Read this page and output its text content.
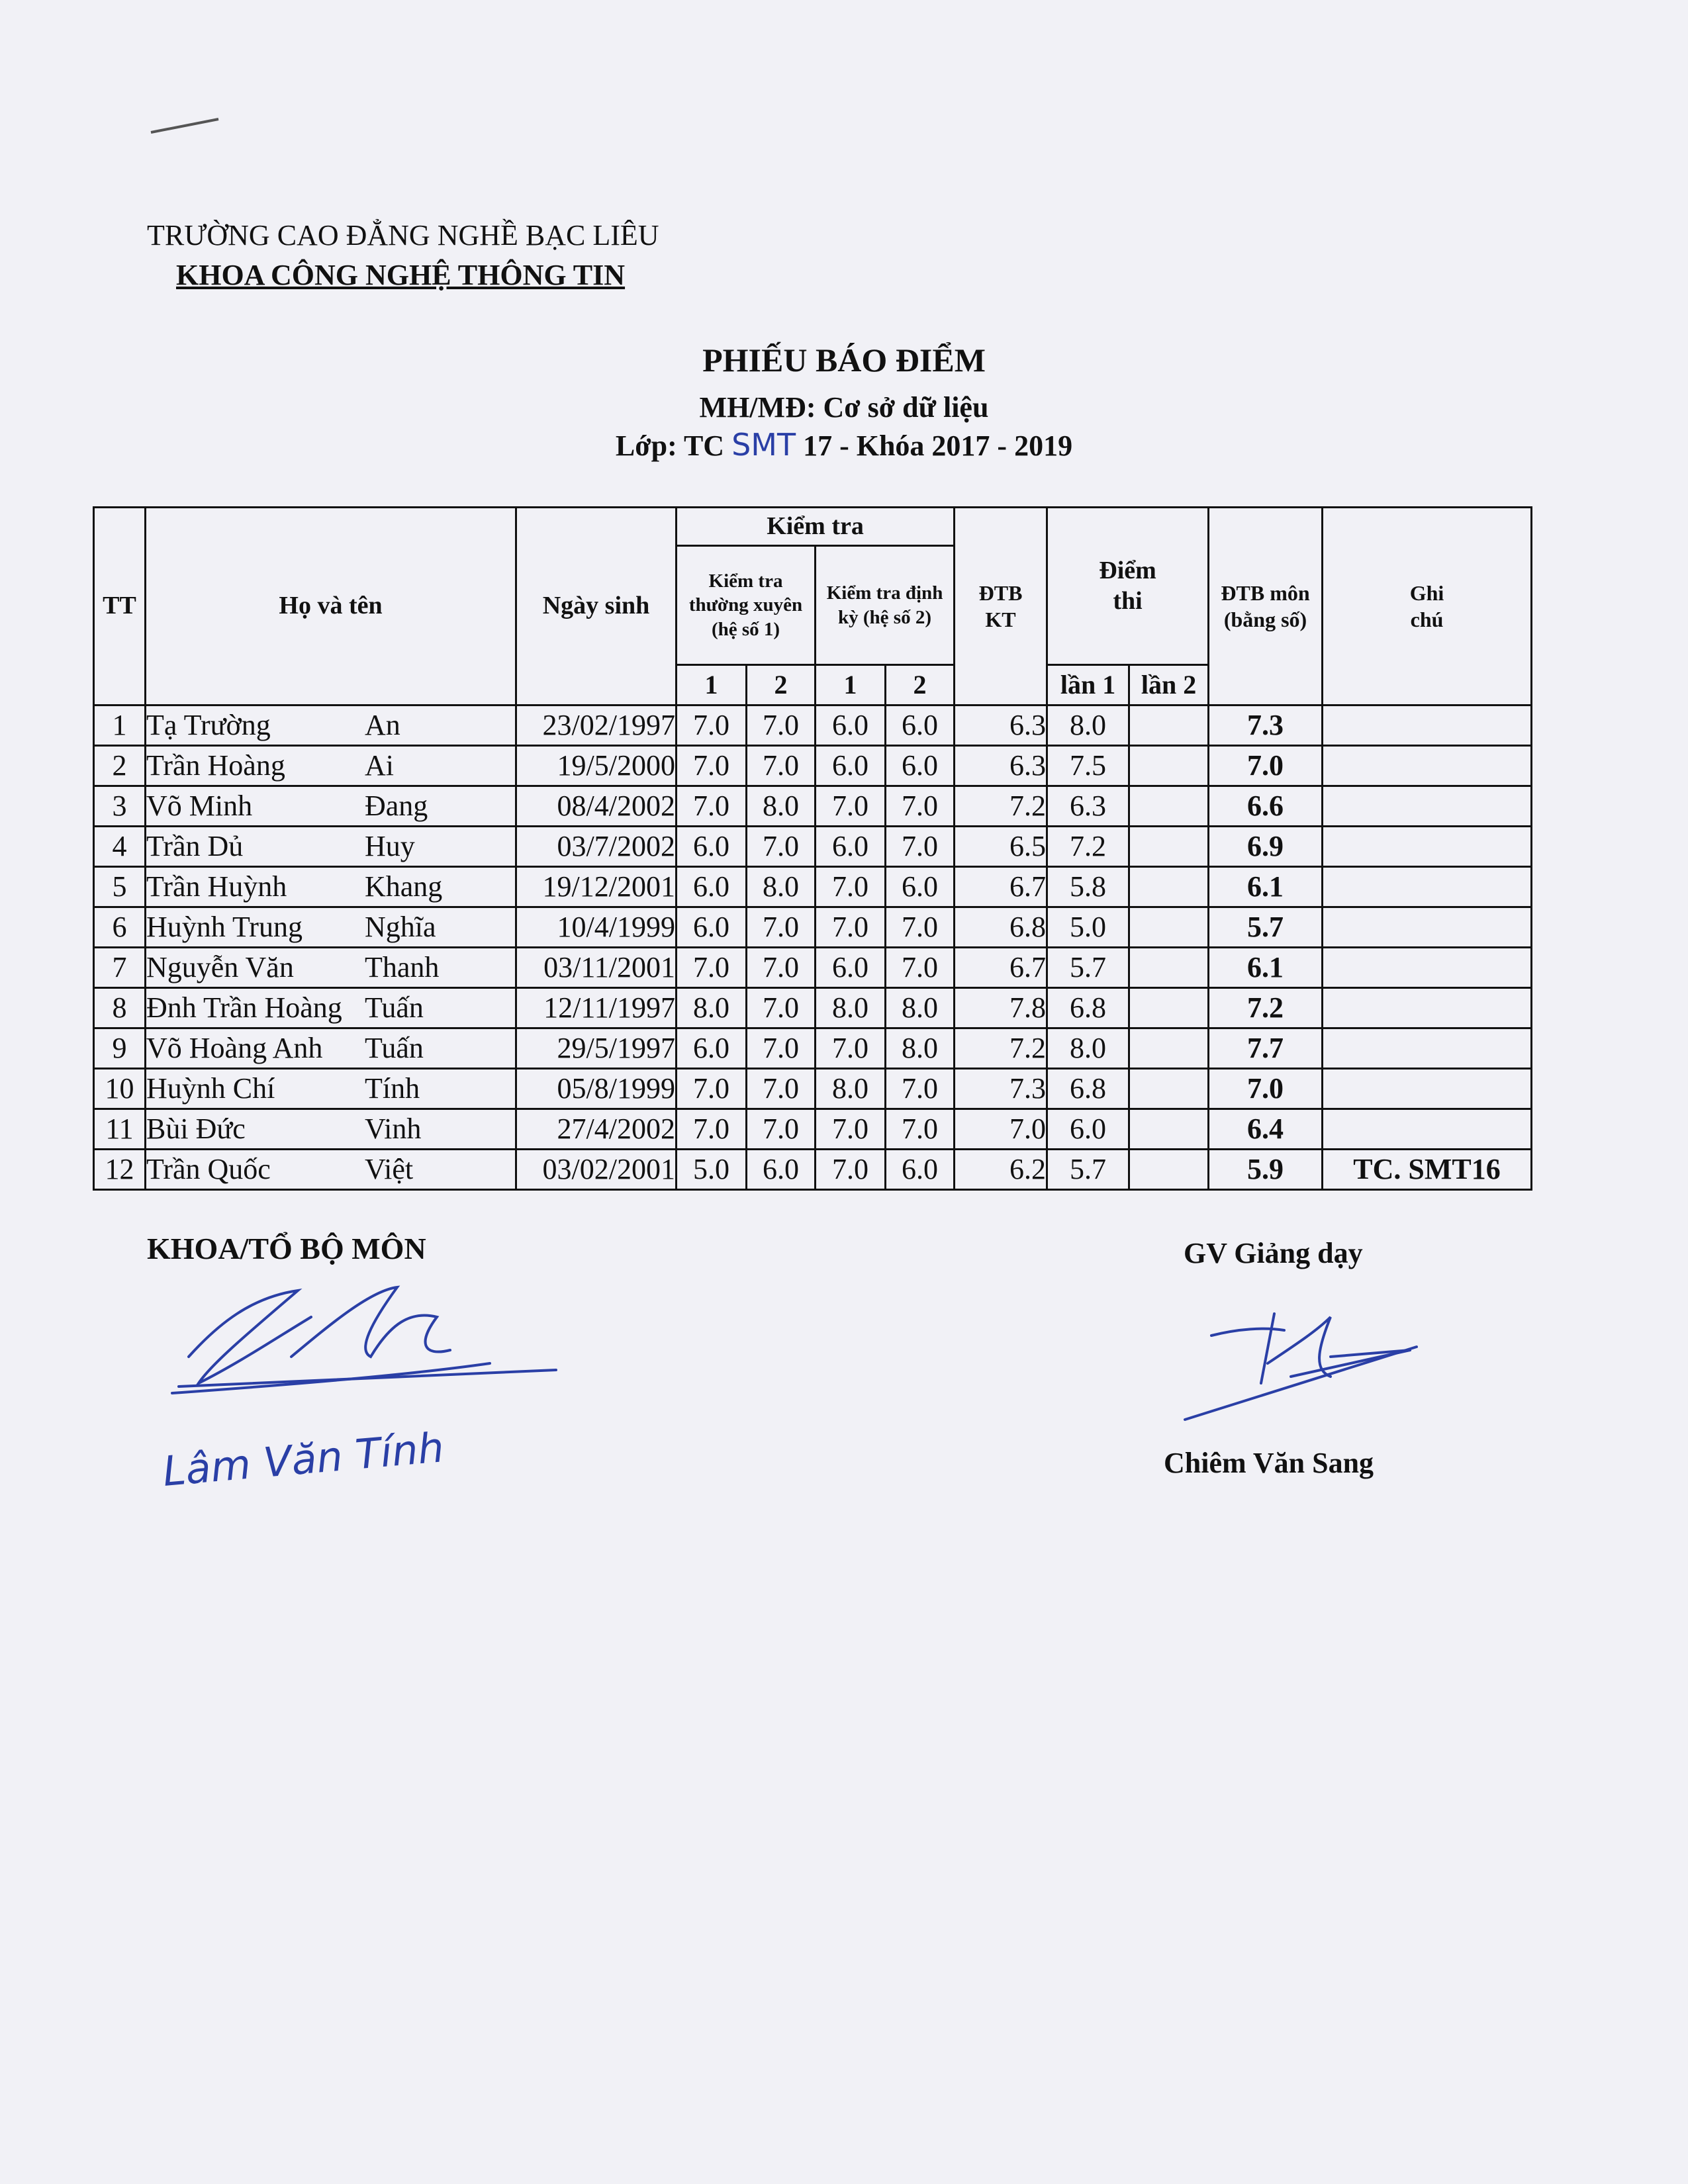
TRƯỜNG CAO ĐẲNG NGHỀ BẠC LIÊU
KHOA CÔNG NGHỆ THÔNG TIN
PHIẾU BÁO ĐIỂM
MH/MĐ: Cơ sở dữ liệu
Lớp: TC SMT 17 - Khóa 2017 - 2019
TT	Họ và tên	Ngày sinh	Kiểm tra				ĐTB KT	Điểm thi		ĐTB môn (bằng số)	Ghi chú
			Kiểm tra thường xuyên (hệ số 1)		Kiểm tra định kỳ (hệ số 2)						
			1	2	1	2		lần 1	lần 2		
1	Tạ Trường An	23/02/1997	7.0	7.0	6.0	6.0	6.3	8.0		7.3	
2	Trần Hoàng Ai	19/5/2000	7.0	7.0	6.0	6.0	6.3	7.5		7.0	
3	Võ Minh Đang	08/4/2002	7.0	8.0	7.0	7.0	7.2	6.3		6.6	
4	Trần Dủ Huy	03/7/2002	6.0	7.0	6.0	7.0	6.5	7.2		6.9	
5	Trần Huỳnh Khang	19/12/2001	6.0	8.0	7.0	6.0	6.7	5.8		6.1	
6	Huỳnh Trung Nghĩa	10/4/1999	6.0	7.0	7.0	7.0	6.8	5.0		5.7	
7	Nguyễn Văn Thanh	03/11/2001	7.0	7.0	6.0	7.0	6.7	5.7		6.1	
8	Đnh Trần Hoàng Tuấn	12/11/1997	8.0	7.0	8.0	8.0	7.8	6.8		7.2	
9	Võ Hoàng Anh Tuấn	29/5/1997	6.0	7.0	7.0	8.0	7.2	8.0		7.7	
10	Huỳnh Chí Tính	05/8/1999	7.0	7.0	8.0	7.0	7.3	6.8		7.0	
11	Bùi Đức Vinh	27/4/2002	7.0	7.0	7.0	7.0	7.0	6.0		6.4	
12	Trần Quốc Việt	03/02/2001	5.0	6.0	7.0	6.0	6.2	5.7		5.9	TC. SMT16
KHOA/TỔ BỘ MÔN	GV Giảng dạy
Chiêm Văn Sang
Lâm Văn Tính
